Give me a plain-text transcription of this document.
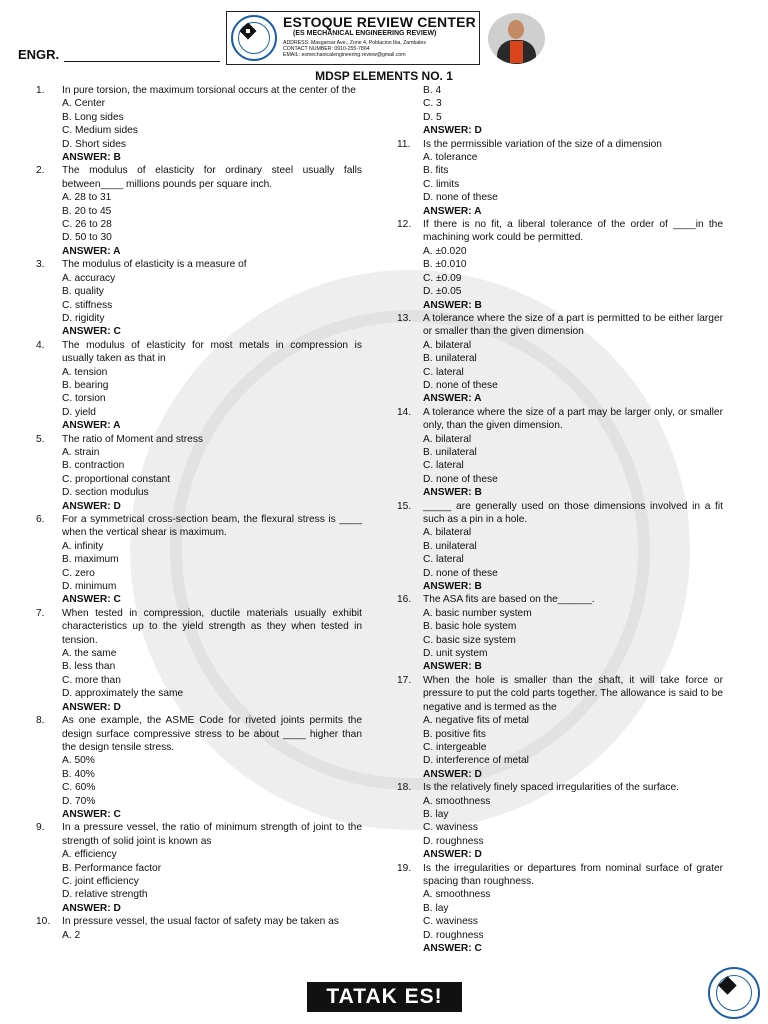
ESTOQUE REVIEW CENTER
(ES MECHANICAL ENGINEERING REVIEW)
ADDRESS: Masgarsar Ave., Zone 4, Poblacion Iba, Zambales
CONTACT NUMBER: 0910-255-7864
EMAIL: esmechanicalengineering.review@gmail.com
ENGR.
MDSP ELEMENTS NO. 1
1. In pure torsion, the maximum torsional occurs at the center of the
A. Center
B. Long sides
C. Medium sides
D. Short sides
ANSWER: B
2. The modulus of elasticity for ordinary steel usually falls between____ millions pounds per square inch.
A. 28 to 31
B. 20 to 45
C. 26 to 28
D. 50 to 30
ANSWER: A
3. The modulus of elasticity is a measure of
A. accuracy
B. quality
C. stiffness
D. rigidity
ANSWER: C
4. The modulus of elasticity for most metals in compression is usually taken as that in
A. tension
B. bearing
C. torsion
D. yield
ANSWER: A
5. The ratio of Moment and stress
A. strain
B. contraction
C. proportional constant
D. section modulus
ANSWER: D
6. For a symmetrical cross-section beam, the flexural stress is ____ when the vertical shear is maximum.
A. infinity
B. maximum
C. zero
D. minimum
ANSWER: C
7. When tested in compression, ductile materials usually exhibit characteristics up to the yield strength as they when tested in tension.
A. the same
B. less than
C. more than
D. approximately the same
ANSWER: D
8. As one example, the ASME Code for riveted joints permits the design surface compressive stress to be about ____ higher than the design tensile stress.
A. 50%
B. 40%
C. 60%
D. 70%
ANSWER: C
9. In a pressure vessel, the ratio of minimum strength of joint to the strength of solid joint is known as
A. efficiency
B. Performance factor
C. joint efficiency
D. relative strength
ANSWER: D
10. In pressure vessel, the usual factor of safety may be taken as
A. 2
B. 4
C. 3
D. 5
ANSWER: D
11. Is the permissible variation of the size of a dimension
A. tolerance
B. fits
C. limits
D. none of these
ANSWER: A
12. If there is no fit, a liberal tolerance of the order of ____in the machining work could be permitted.
A. ±0.020
B. ±0.010
C. ±0.09
D. ±0.05
ANSWER: B
13. A tolerance where the size of a part is permitted to be either larger or smaller than the given dimension
A. bilateral
B. unilateral
C. lateral
D. none of these
ANSWER: A
14. A tolerance where the size of a part may be larger only, or smaller only, than the given dimension.
A. bilateral
B. unilateral
C. lateral
D. none of these
ANSWER: B
15. _____ are generally used on those dimensions involved in a fit such as a pin in a hole.
A. bilateral
B. unilateral
C. lateral
D. none of these
ANSWER: B
16. The ASA fits are based on the______.
A. basic number system
B. basic hole system
C. basic size system
D. unit system
ANSWER: B
17. When the hole is smaller than the shaft, it will take force or pressure to put the cold parts together. The allowance is said to be negative and is termed as the
A. negative fits of metal
B. positive fits
C. intergeable
D. interference of metal
ANSWER: D
18. Is the relatively finely spaced irregularities of the surface.
A. smoothness
B. lay
C. waviness
D. roughness
ANSWER: D
19. Is the irregularities or departures from nominal surface of grater spacing than roughness.
A. smoothness
B. lay
C. waviness
D. roughness
ANSWER: C
TATAK ES!
